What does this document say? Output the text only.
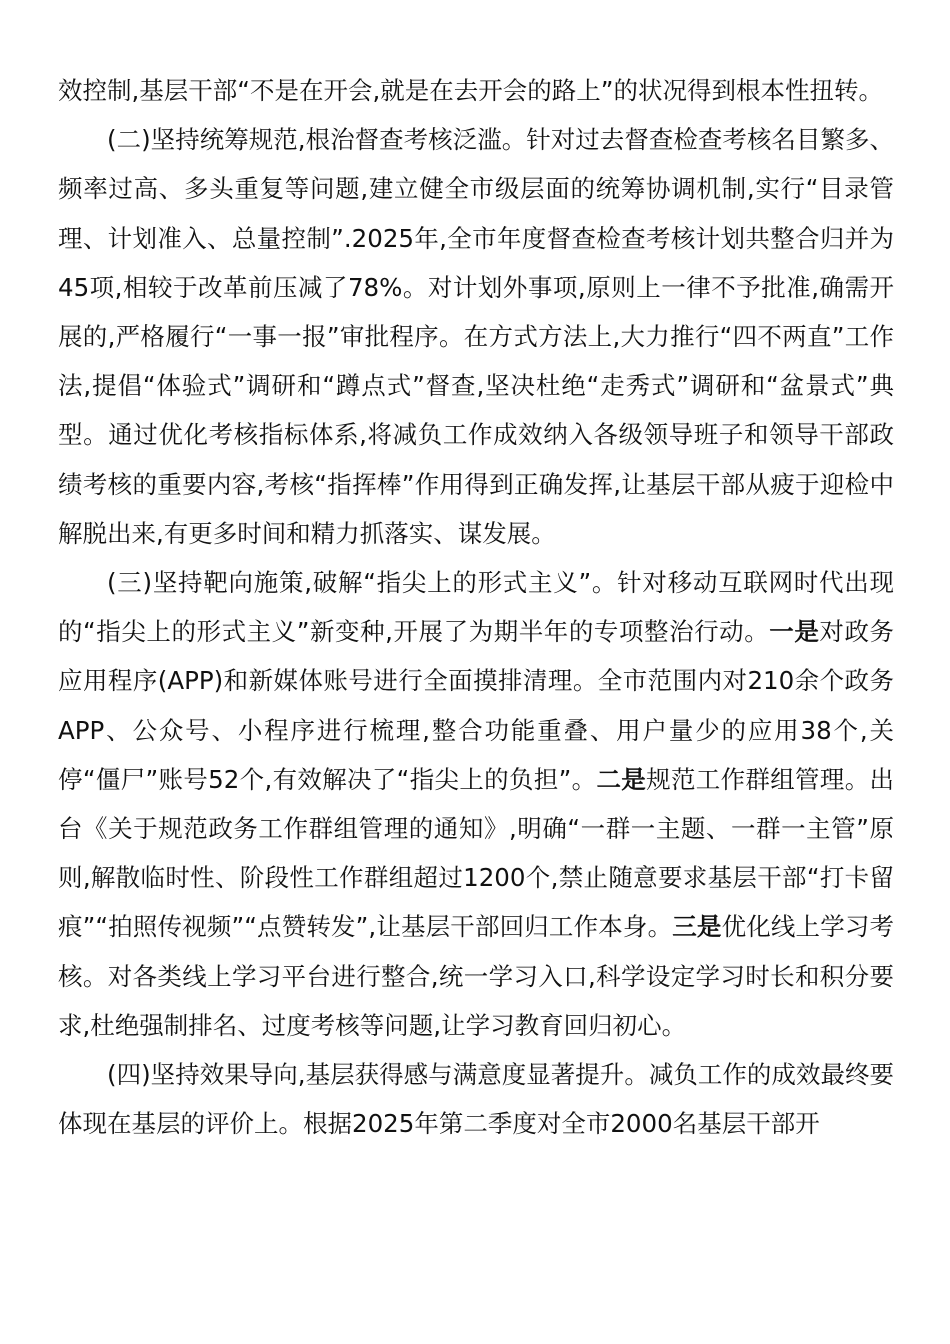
效控制,基层干部“不是在开会,就是在去开会的路上”的状况得到根本性扭转。

(二)坚持统筹规范,根治督查考核泛滥。针对过去督查检查考核名目繁多、频率过高、多头重复等问题,建立健全市级层面的统筹协调机制,实行“目录管理、计划准入、总量控制”.2025年,全市年度督查检查考核计划共整合归并为45项,相较于改革前压减了78%。对计划外事项,原则上一律不予批准,确需开展的,严格履行“一事一报”审批程序。在方式方法上,大力推行“四不两直”工作法,提倡“体验式”调研和“蹲点式”督查,坚决杜绝“走秀式”调研和“盆景式”典型。通过优化考核指标体系,将减负工作成效纳入各级领导班子和领导干部政绩考核的重要内容,考核“指挥棒”作用得到正确发挥,让基层干部从疲于迎检中解脱出来,有更多时间和精力抓落实、谋发展。

(三)坚持靶向施策,破解“指尖上的形式主义”。针对移动互联网时代出现的“指尖上的形式主义”新变种,开展了为期半年的专项整治行动。一是对政务应用程序(APP)和新媒体账号进行全面摸排清理。全市范围内对210余个政务APP、公众号、小程序进行梳理,整合功能重叠、用户量少的应用38个,关停“僵尸”账号52个,有效解决了“指尖上的负担”。二是规范工作群组管理。出台《关于规范政务工作群组管理的通知》,明确“一群一主题、一群一主管”原则,解散临时性、阶段性工作群组超过1200个,禁止随意要求基层干部“打卡留痕”“拍照传视频”“点赞转发”,让基层干部回归工作本身。三是优化线上学习考核。对各类线上学习平台进行整合,统一学习入口,科学设定学习时长和积分要求,杜绝强制排名、过度考核等问题,让学习教育回归初心。

(四)坚持效果导向,基层获得感与满意度显著提升。减负工作的成效最终要体现在基层的评价上。根据2025年第二季度对全市2000名基层干部开
